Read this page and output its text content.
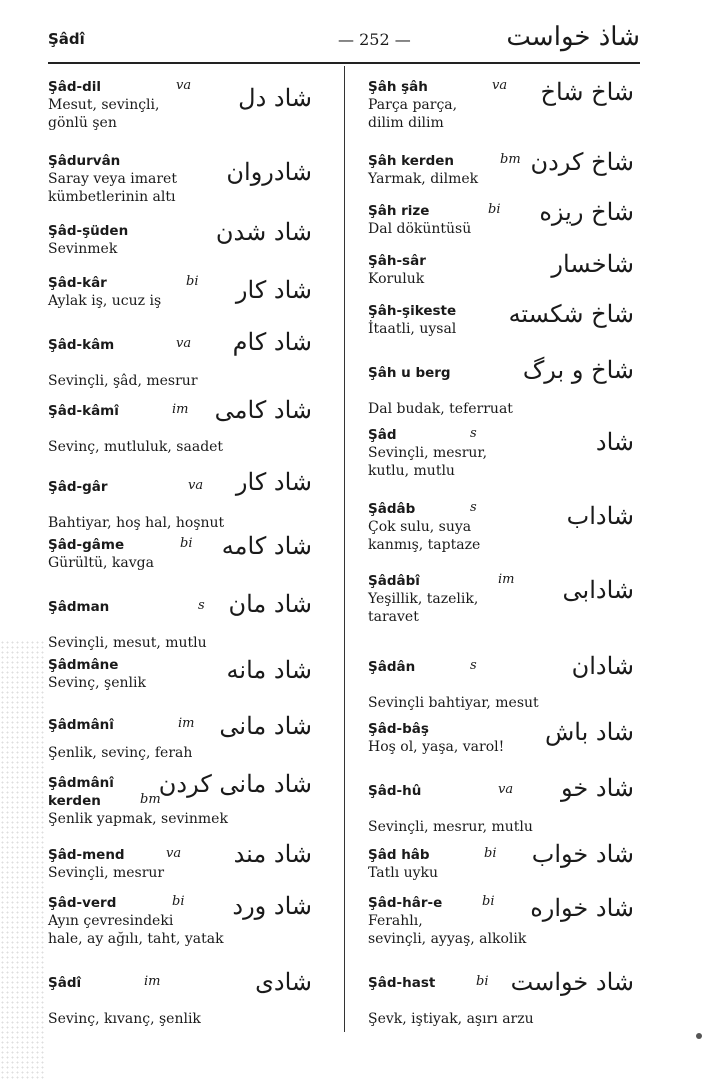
Şâdî	— 252 —	شاذ خواست
Şâd-dil	va

Mesut, sevinçli,

gönlü şen

شاد دل
Şâdurvân

Saray veya imaret

kümbetlerinin altı

شادروان
Şâd-şüden

Sevinmek

شاد شدن
Şâd-kâr	bi

Aylak iş, ucuz iş	شاد كار
Şâd-kâm	va

Sevinçli, şâd, mesrur

شاد كام
Şâd-kâmî	im

Sevinç, mutluluk, saadet

شاد كامى
Şâd-gâr	va

Bahtiyar, hoş hal, hoşnut

شاد كار
Şâd-gâme	bi

Gürültü, kavga

شاد كامه
Şâdman	s

Sevinçli, mesut, mutlu

شاد مان
Şâdmâne

Sevinç, şenlik	شاد مانه
Şâdmânî	im

Şenlik, sevinç, ferah

شاد مانى
Şâdmânî
kerden	bm

Şenlik yapmak, sevinmek

شاد مانى كردن
Şâd-mend	va

Sevinçli, mesrur

شاد مند
Şâd-verd	bi

Ayın çevresindeki

hale, ay ağılı, taht, yatak

شاد ورد
Şâdî	im

Sevinç, kıvanç, şenlik

شادى
Şâh şâh	va

Parça parça,

dilim dilim

شاخ شاخ
Şâh kerden	bm

Yarmak, dilmek

شاخ كردن
Şâh rize	bi

Dal döküntüsü

شاخ ريزه
Şâh-sâr

Koruluk

شاخسار
Şâh-şikeste

İtaatli, uysal

شاخ شكسته
Şâh u berg

Dal budak, teferruat

شاخ و برگ
Şâd	s

Sevinçli, mesrur,

kutlu, mutlu

شاد
Şâdâb	s

Çok sulu, suya

kanmış, taptaze

شاداب
Şâdâbî	im

Yeşillik, tazelik,

taravet

شادابى
Şâdân	s

Sevinçli bahtiyar, mesut

شادان
Şâd-bâş

Hoş ol, yaşa, varol!

شاد باش
Şâd-hû	va

Sevinçli, mesrur, mutlu

شاد خو
Şâd hâb	bi

Tatlı uyku

شاد خواب
Şâd-hâr-e	bi

Ferahlı,

sevinçli, ayyaş, alkolik

شاد خواره
Şâd-hast	bi

Şevk, iştiyak, aşırı arzu

شاد خواست
